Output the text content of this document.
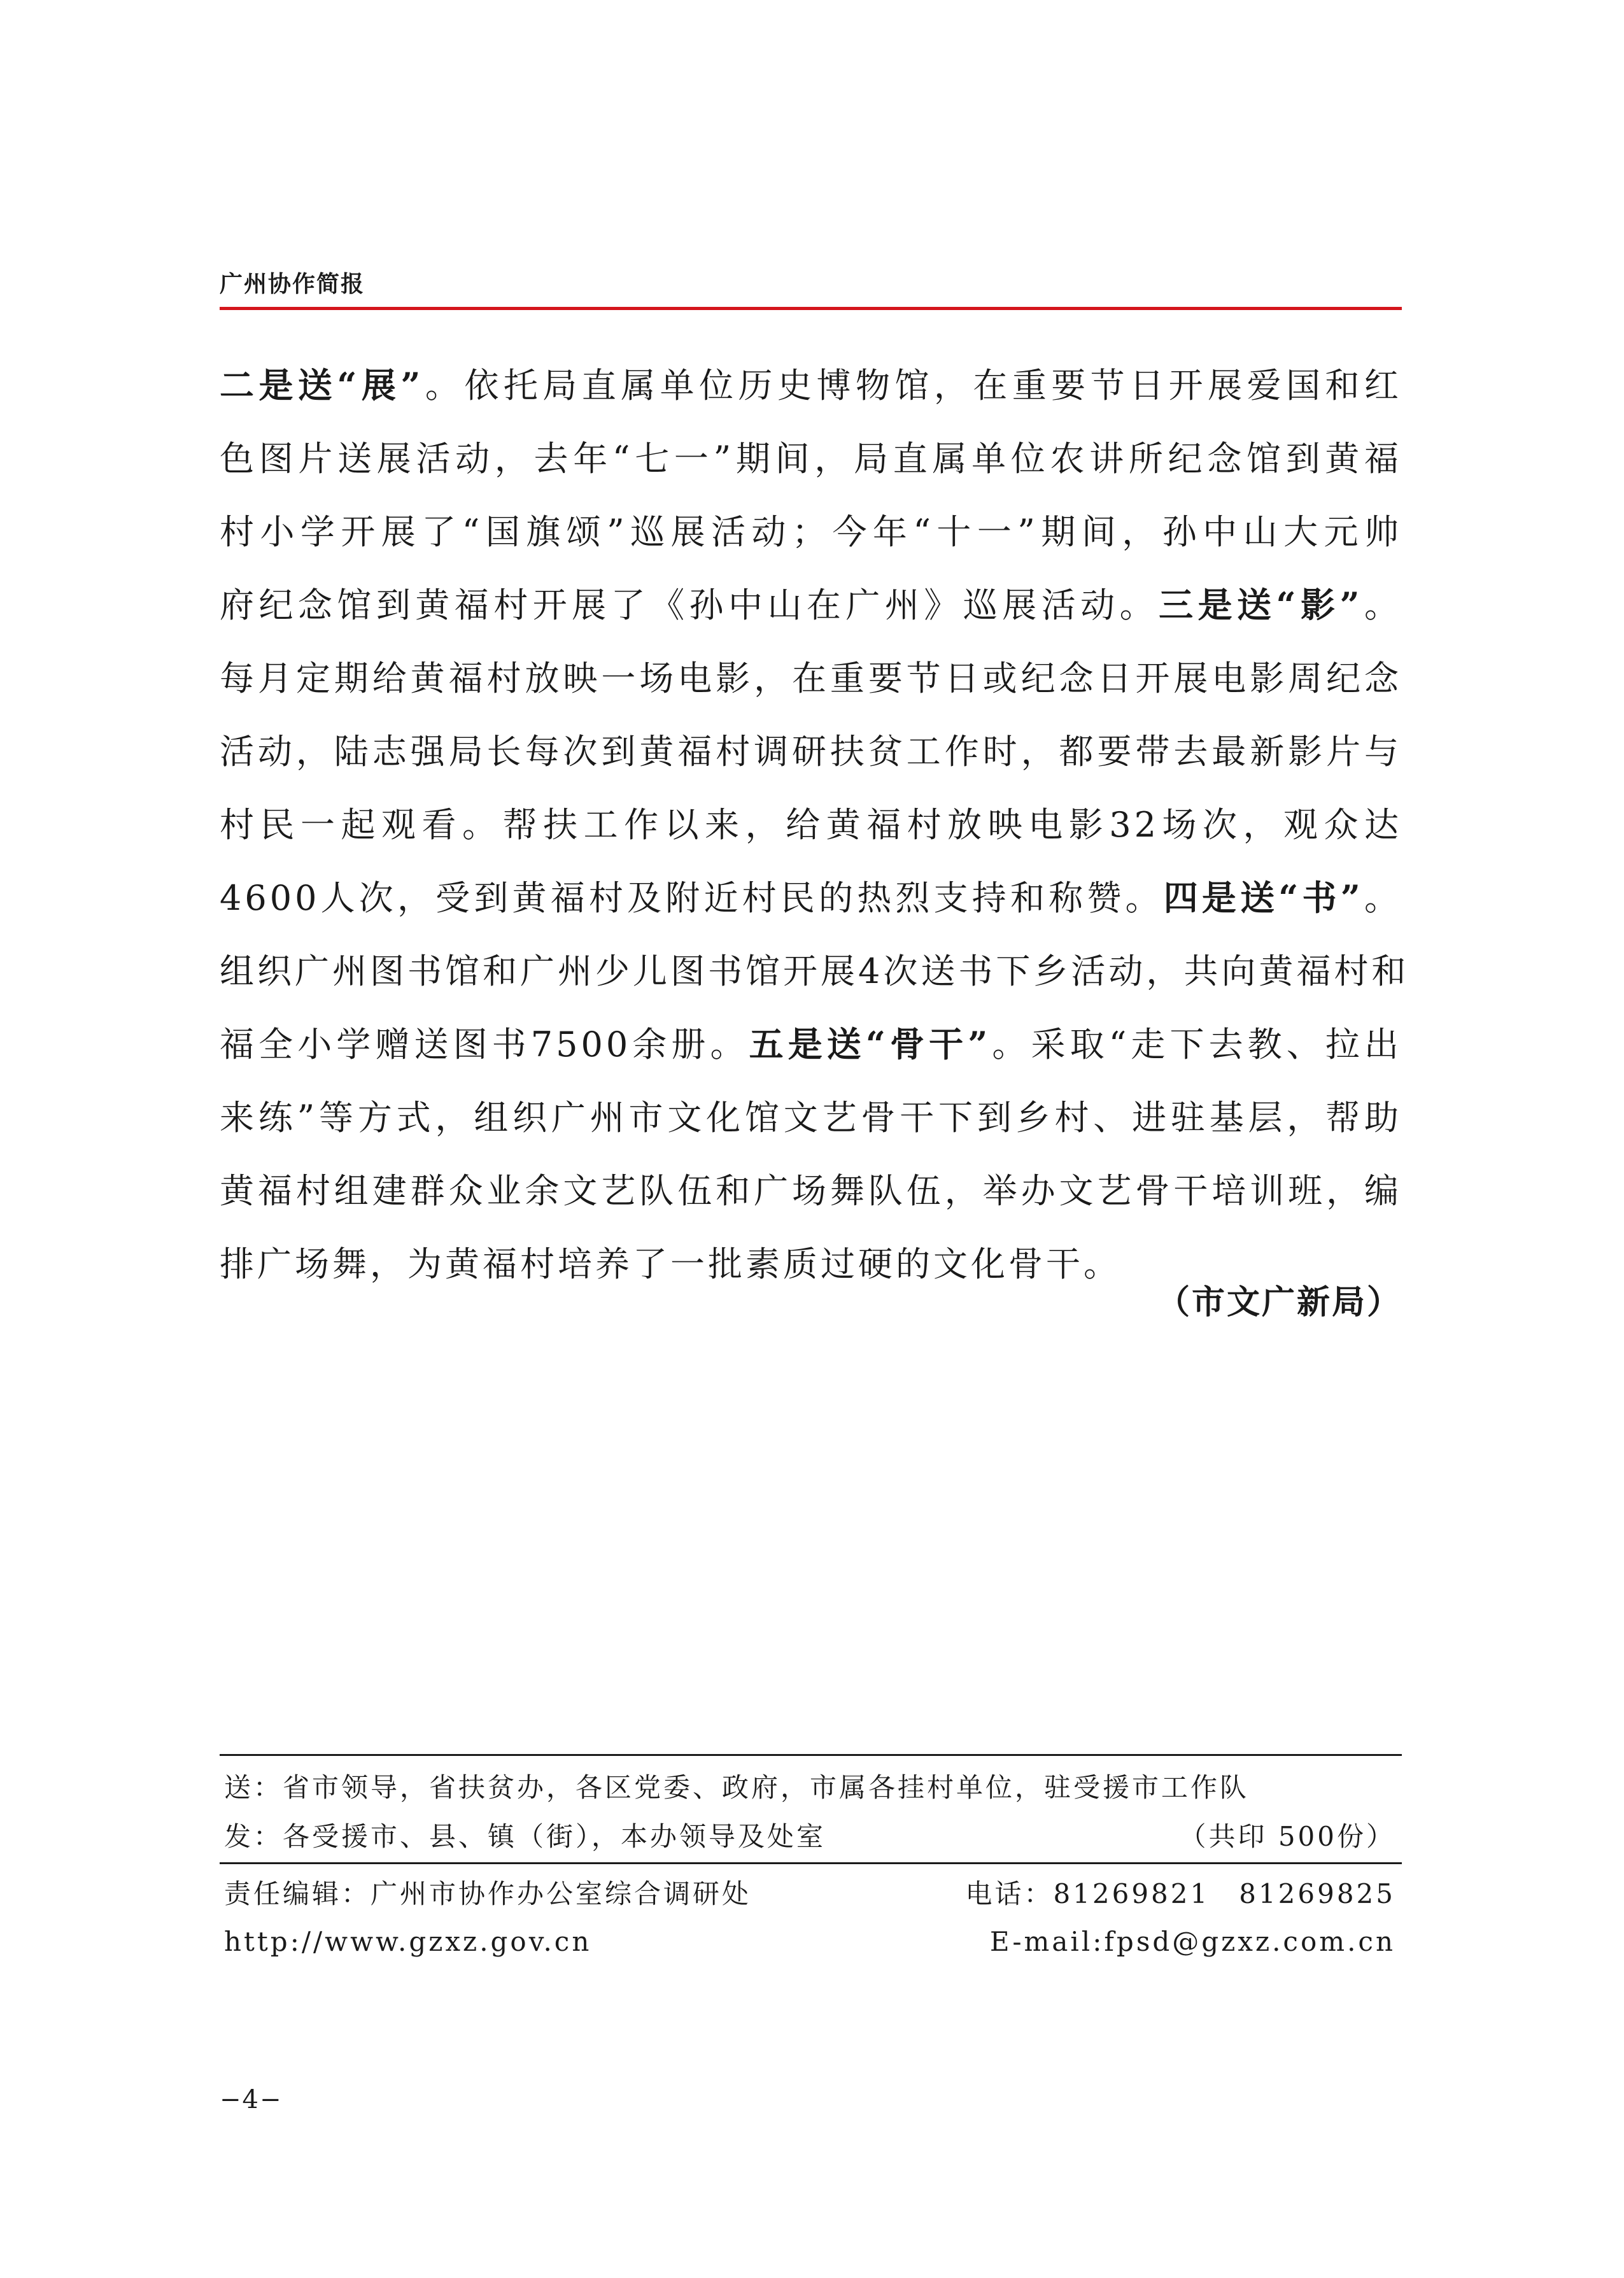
广州协作简报
二是送“展”。依托局直属单位历史博物馆，在重要节日开展爱国和红
色图片送展活动，去年“七一”期间，局直属单位农讲所纪念馆到黄福
村小学开展了“国旗颂”巡展活动；今年“十一”期间，孙中山大元帅
府纪念馆到黄福村开展了《孙中山在广州》巡展活动。三是送“影”。
每月定期给黄福村放映一场电影，在重要节日或纪念日开展电影周纪念
活动，陆志强局长每次到黄福村调研扶贫工作时，都要带去最新影片与
村民一起观看。帮扶工作以来，给黄福村放映电影32场次，观众达
4600人次，受到黄福村及附近村民的热烈支持和称赞。四是送“书”。
组织广州图书馆和广州少儿图书馆开展4次送书下乡活动，共向黄福村和
福全小学赠送图书7500余册。五是送“骨干”。采取“走下去教、拉出
来练”等方式，组织广州市文化馆文艺骨干下到乡村、进驻基层，帮助
黄福村组建群众业余文艺队伍和广场舞队伍，举办文艺骨干培训班，编
排广场舞，为黄福村培养了一批素质过硬的文化骨干。
（市文广新局）
送：省市领导，省扶贫办，各区党委、政府，市属各挂村单位，驻受援市工作队
发：各受援市、县、镇（街），本办领导及处室	（共印 500份）
责任编辑：广州市协作办公室综合调研处	电话：81269821　81269825
http://www.gzxz.gov.cn	E-mail:fpsd@gzxz.com.cn
−4−
